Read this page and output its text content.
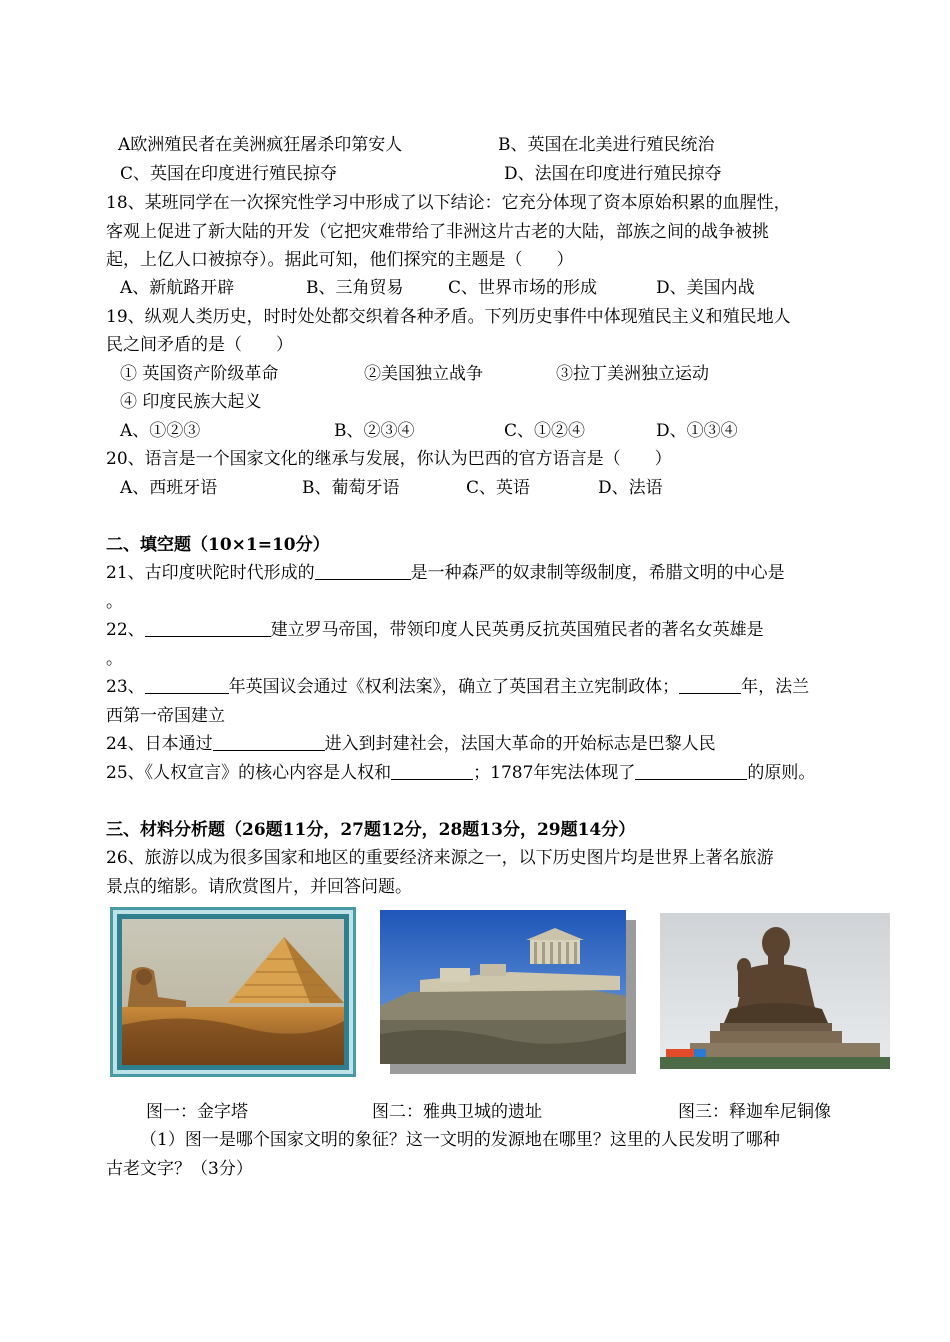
A欧洲殖民者在美洲疯狂屠杀印第安人	B、英国在北美进行殖民统治
C、英国在印度进行殖民掠夺	D、法国在印度进行殖民掠夺
18、某班同学在一次探究性学习中形成了以下结论：它充分体现了资本原始积累的血腥性，
客观上促进了新大陆的开发（它把灾难带给了非洲这片古老的大陆，部族之间的战争被挑
起，上亿人口被掠夺）。据此可知，他们探究的主题是（　　）
A、新航路开辟	B、三角贸易	C、世界市场的形成	D、美国内战
19、纵观人类历史，时时处处都交织着各种矛盾。下列历史事件中体现殖民主义和殖民地人
民之间矛盾的是（　　）
① 英国资产阶级革命	②美国独立战争	③拉丁美洲独立运动
④ 印度民族大起义
A、①②③	B、②③④	C、①②④	D、①③④
20、语言是一个国家文化的继承与发展，你认为巴西的官方语言是（　　）
A、西班牙语	B、葡萄牙语	C、英语	D、法语
二、填空题（10×1=10分）
21、古印度吠陀时代形成的	是一种森严的奴隶制等级制度，希腊文明的中心是
。
22、	建立罗马帝国，带领印度人民英勇反抗英国殖民者的著名女英雄是
。
23、	年英国议会通过《权利法案》，确立了英国君主立宪制政体；	年，法兰
西第一帝国建立
24、日本通过	进入到封建社会，法国大革命的开始标志是巴黎人民
25、《人权宣言》的核心内容是人权和	；1787年宪法体现了	的原则。
三、材料分析题（26题11分，27题12分，28题13分，29题14分）
26、旅游以成为很多国家和地区的重要经济来源之一，以下历史图片均是世界上著名旅游
景点的缩影。请欣赏图片，并回答问题。
图一：金字塔	图二：雅典卫城的遗址	图三：释迦牟尼铜像
（1）图一是哪个国家文明的象征？这一文明的发源地在哪里？这里的人民发明了哪种
古老文字？（3分）
